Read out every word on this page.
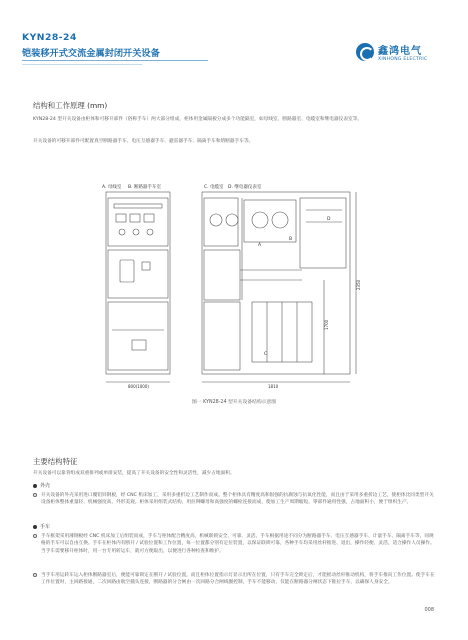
KYN28-24
铠装移开式交流金属封闭开关设备	鑫鸿电气
XINHONG ELECTRIC
结构和工作原理 (mm)
KYN28-24 型开关设备由柜体和可移开部件（俗称手车）两大部分组成，柜体用金属隔板分成多个功能隔室，如母线室、断路器室、电缆室和继电器仪表室等。
开关设备的可移开部件可配置真空断路器手车、电压互感器手车、避雷器手车、隔离手车和熔断器手车等。
A. 母线室 B. 断路器手车室	C. 电缆室 D. 继电器仪表室
D
B
A
C
800(1000)	1810
2350
1700
图一 KYN28-24 型开关设备结构示意图
主要结构特征
开关设备可以靠背组成双重排列或单排安装，提高了开关设备的安全性和灵活性，减少占地面积。
外壳
开关设备的外壳采用进口覆铝锌钢板，经 CNC 机床加工，采用多重折边工艺制作而成。整个柜体具有精度高和很强的抗腐蚀与抗氧化性能，而且由于采用多重折边工艺，使柜体比同类型开关设备柜体整体重量轻、机械强度高、外形美观。柜体采用组装式结构，用拉铆螺母和高强度的螺栓连接而成，使加工生产周期缩短，零部件通用性强，占地面积小，便于组织生产。
手车
手车框架采用薄钢板经 CNC 机床加工后组装而成，手车与柜体配合精度高，机械联锁安全、可靠、灵活。手车根据用途不同分为断路器手车、电压互感器手车、计量手车、隔离手车等，同规格的手车可以自由互换。手车在柜体内有断开 / 试验位置和工作位置，每一位置都分别有定位装置，以保证联锁可靠，各种手车均采用丝杆推进、退出，操作轻便、灵活，适合操作人员操作。当手车需要移开柜体时，用一台专用转运车，就可方便取出，以便进行各种检查和维护。
当手车用运转车运入柜体断路器室后，便能可靠锁定在断开 / 试验位置，而且柜体位置指示灯显示出所在位置，只有手车完全锁定后，才能摇动丝杆推动机构，将手车推向工作位置。使手车在工作位置时，主回路接通，二次回路由航空插头连接，断路器的分合闸由一次回路分合闸线圈控制，手车不能移动，仅能在断路器分闸状态下推拉手车，以确保人身安全。
008
